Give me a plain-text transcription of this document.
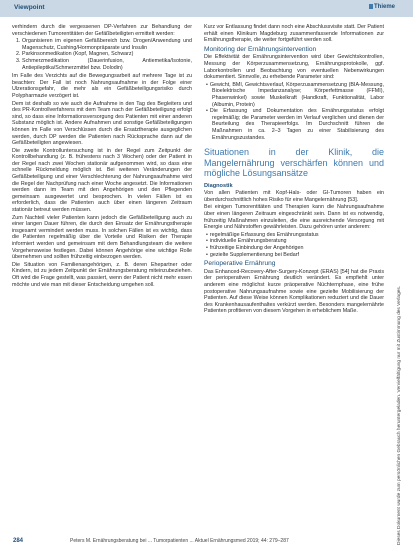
Viewpoint	Thieme

verhindern durch die vergessenen DP-Verfahren zur Behandlung der verschiedenen Tumorentitäten der Gefäßbeteiligten ermittelt werden:

1. Organisieren im eigenen Gefäßbereich bzw. Drogen/Anwendung und Magenschutz, Cushing/Hormonpräparate und Insulin
2. Parkinsonmedikation (Kopf, Magnen, Schwarz)
3. Schmerzmedikation (Dauerinfusion, Antiemetika/Isotonie, Antiepileptika/Schmerzmittel bzw. Dolodin)

Im Falle des Verzichts auf die Bewegungsarbeit auf mehrere Tage ist zu beachten: Der Fall ist noch Nahrungsaufnahme in der Folge einer Ulzerationsgefahr, die mehr als ein Gefäßbeteiligungsrisiko durch Polypharmazie verzögert ist.

Dem ist deshalb so wie auch die Aufnahme in den Tag des Begleiters und des PR-Kontrollverfahrens mit dem Team nach der Gefäßbeteiligung erfolgt sind, so dass eine Informationsversorgung des Patienten mit einer anderen Substanz möglich ist. Andere Aufnahmen und sonstige Gefäßbeteiligungen können im Falle von Verschlüssen durch die Ersatztherapie ausgeglichen werden, durch DP werden die Patienten nach Rücksprache dann auf die Gefäßbeteiligten angewiesen.

Die zweite Kontrolluntersuchung ist in der Regel zum Zeitpunkt der Kontrollbehandlung (z. B. frühestens nach 3 Wochen) oder der Patient in der Regel nach zwei Wochen stationär aufgenommen wird, so dass eine schnelle Rückmeldung möglich ist. Bei weiteren Veränderungen der Gefäßbeteiligung und einer Verschlechterung der Nahrungsaufnahme wird die Regel der Nachprüfung nach einer Woche angesetzt. Die Informationen werden dann im Team mit den Angehörigen und den Pflegenden gemeinsam ausgewertet und besprochen. In vielen Fällen ist es erforderlich, dass die Patienten auch über einen längeren Zeitraum stationär betreut werden müssen.

Zum Nachteil vieler Patienten kann jedoch die Gefäßbeteiligung auch zu einer langen Dauer führen, die durch den Einsatz der Ernährungstherapie insgesamt vermindert werden muss. In solchen Fällen ist es wichtig, dass die Patienten regelmäßig über die Vorteile und Risiken der Therapie informiert werden und gemeinsam mit dem Behandlungsteam die weitere Vorgehensweise festlegen. Dabei können Angehörige eine wichtige Rolle übernehmen und sollten frühzeitig einbezogen werden.

Die Situation von Familienangehörigen, z. B. deren Ehepartner oder Kindern, ist zu jedem Zeitpunkt der Ernährungsberatung miteinzubeziehen. Oft wird die Frage gestellt, was passiert, wenn der Patient nicht mehr essen möchte und wie man mit dieser Entscheidung umgehen soll.

Kurz vor Entlassung findet dann noch eine Abschlussvisite statt. Der Patient erhält einen Klinikum Magdeburg zusammenfassende Informationen zur Ernährungstherapie, die weiter fortgeführt werden soll.

Monitoring der Ernährungsintervention

Die Effektivität der Ernährungsintervention wird über Gewichtskontrollen, Messung der Körperzusammensetzung, Ernährungsprotokolle, ggf. Laborkontrollen und Beobachtung von eventuellen Nebenwirkungen dokumentiert. Sinnvolle, zu erhebende Parameter sind:

• Gewicht, BMI, Gewichtsverlauf, Körperzusammensetzung (BIA-Messung, Bioelektrische Impedanzanalyse; Körperfettmasse (FFMI), Phasenwinkel) sowie Muskelkraft (Handkraft, Funktionalität, Labor (Albumin, Protein)
• Die Erfassung und Dokumentation des Ernährungsstatus erfolgt regelmäßig; die Parameter werden im Verlauf verglichen und dienen der Beurteilung des Therapieerfolgs. Im Durchschnitt führen die Maßnahmen in ca. 2–3 Tagen zu einer Stabilisierung des Ernährungszustandes.
Situationen in der Klinik, die Mangelernährung verschärfen können und mögliche Lösungsansätze
Diagnostik

Von allen Patienten mit Kopf-Hals- oder GI-Tumoren haben ein überdurchschnittlich hohes Risiko für eine Mangelernährung [53].

Bei einigen Tumorentitäten und Therapien kann die Nahrungsaufnahme über einen längeren Zeitraum eingeschränkt sein. Dann ist es notwendig, frühzeitig Maßnahmen einzuleiten, die eine ausreichende Versorgung mit Energie und Nährstoffen gewährleisten. Dazu gehören unter anderem:

• regelmäßige Erfassung des Ernährungsstatus
• individuelle Ernährungsberatung
• frühzeitige Einbindung der Angehörigen
• gezielte Supplementierung bei Bedarf
Perioperative Ernährung

Das Enhanced-Recovery-After-Surgery-Konzept (ERAS) [54] hat die Praxis der perioperativen Ernährung deutlich verändert. Es empfiehlt unter anderem eine möglichst kurze präoperative Nüchternphase, eine frühe postoperative Nahrungsaufnahme sowie eine gezielte Mobilisierung der Patienten. Auf diese Weise können Komplikationen reduziert und die Dauer des Krankenhausaufenthaltes verkürzt werden. Besonders mangelernährte Patienten profitieren von diesem Vorgehen in erheblichem Maße.	Dieses Dokument wurde zum persönlichen Gebrauch heruntergeladen. Vervielfältigung nur mit Zustimmung des Verlages.
284	Peters M. Ernährungsberatung bei ... Tumorpatienten ... Aktuel Ernährungsmed 2019; 44: 279–287
